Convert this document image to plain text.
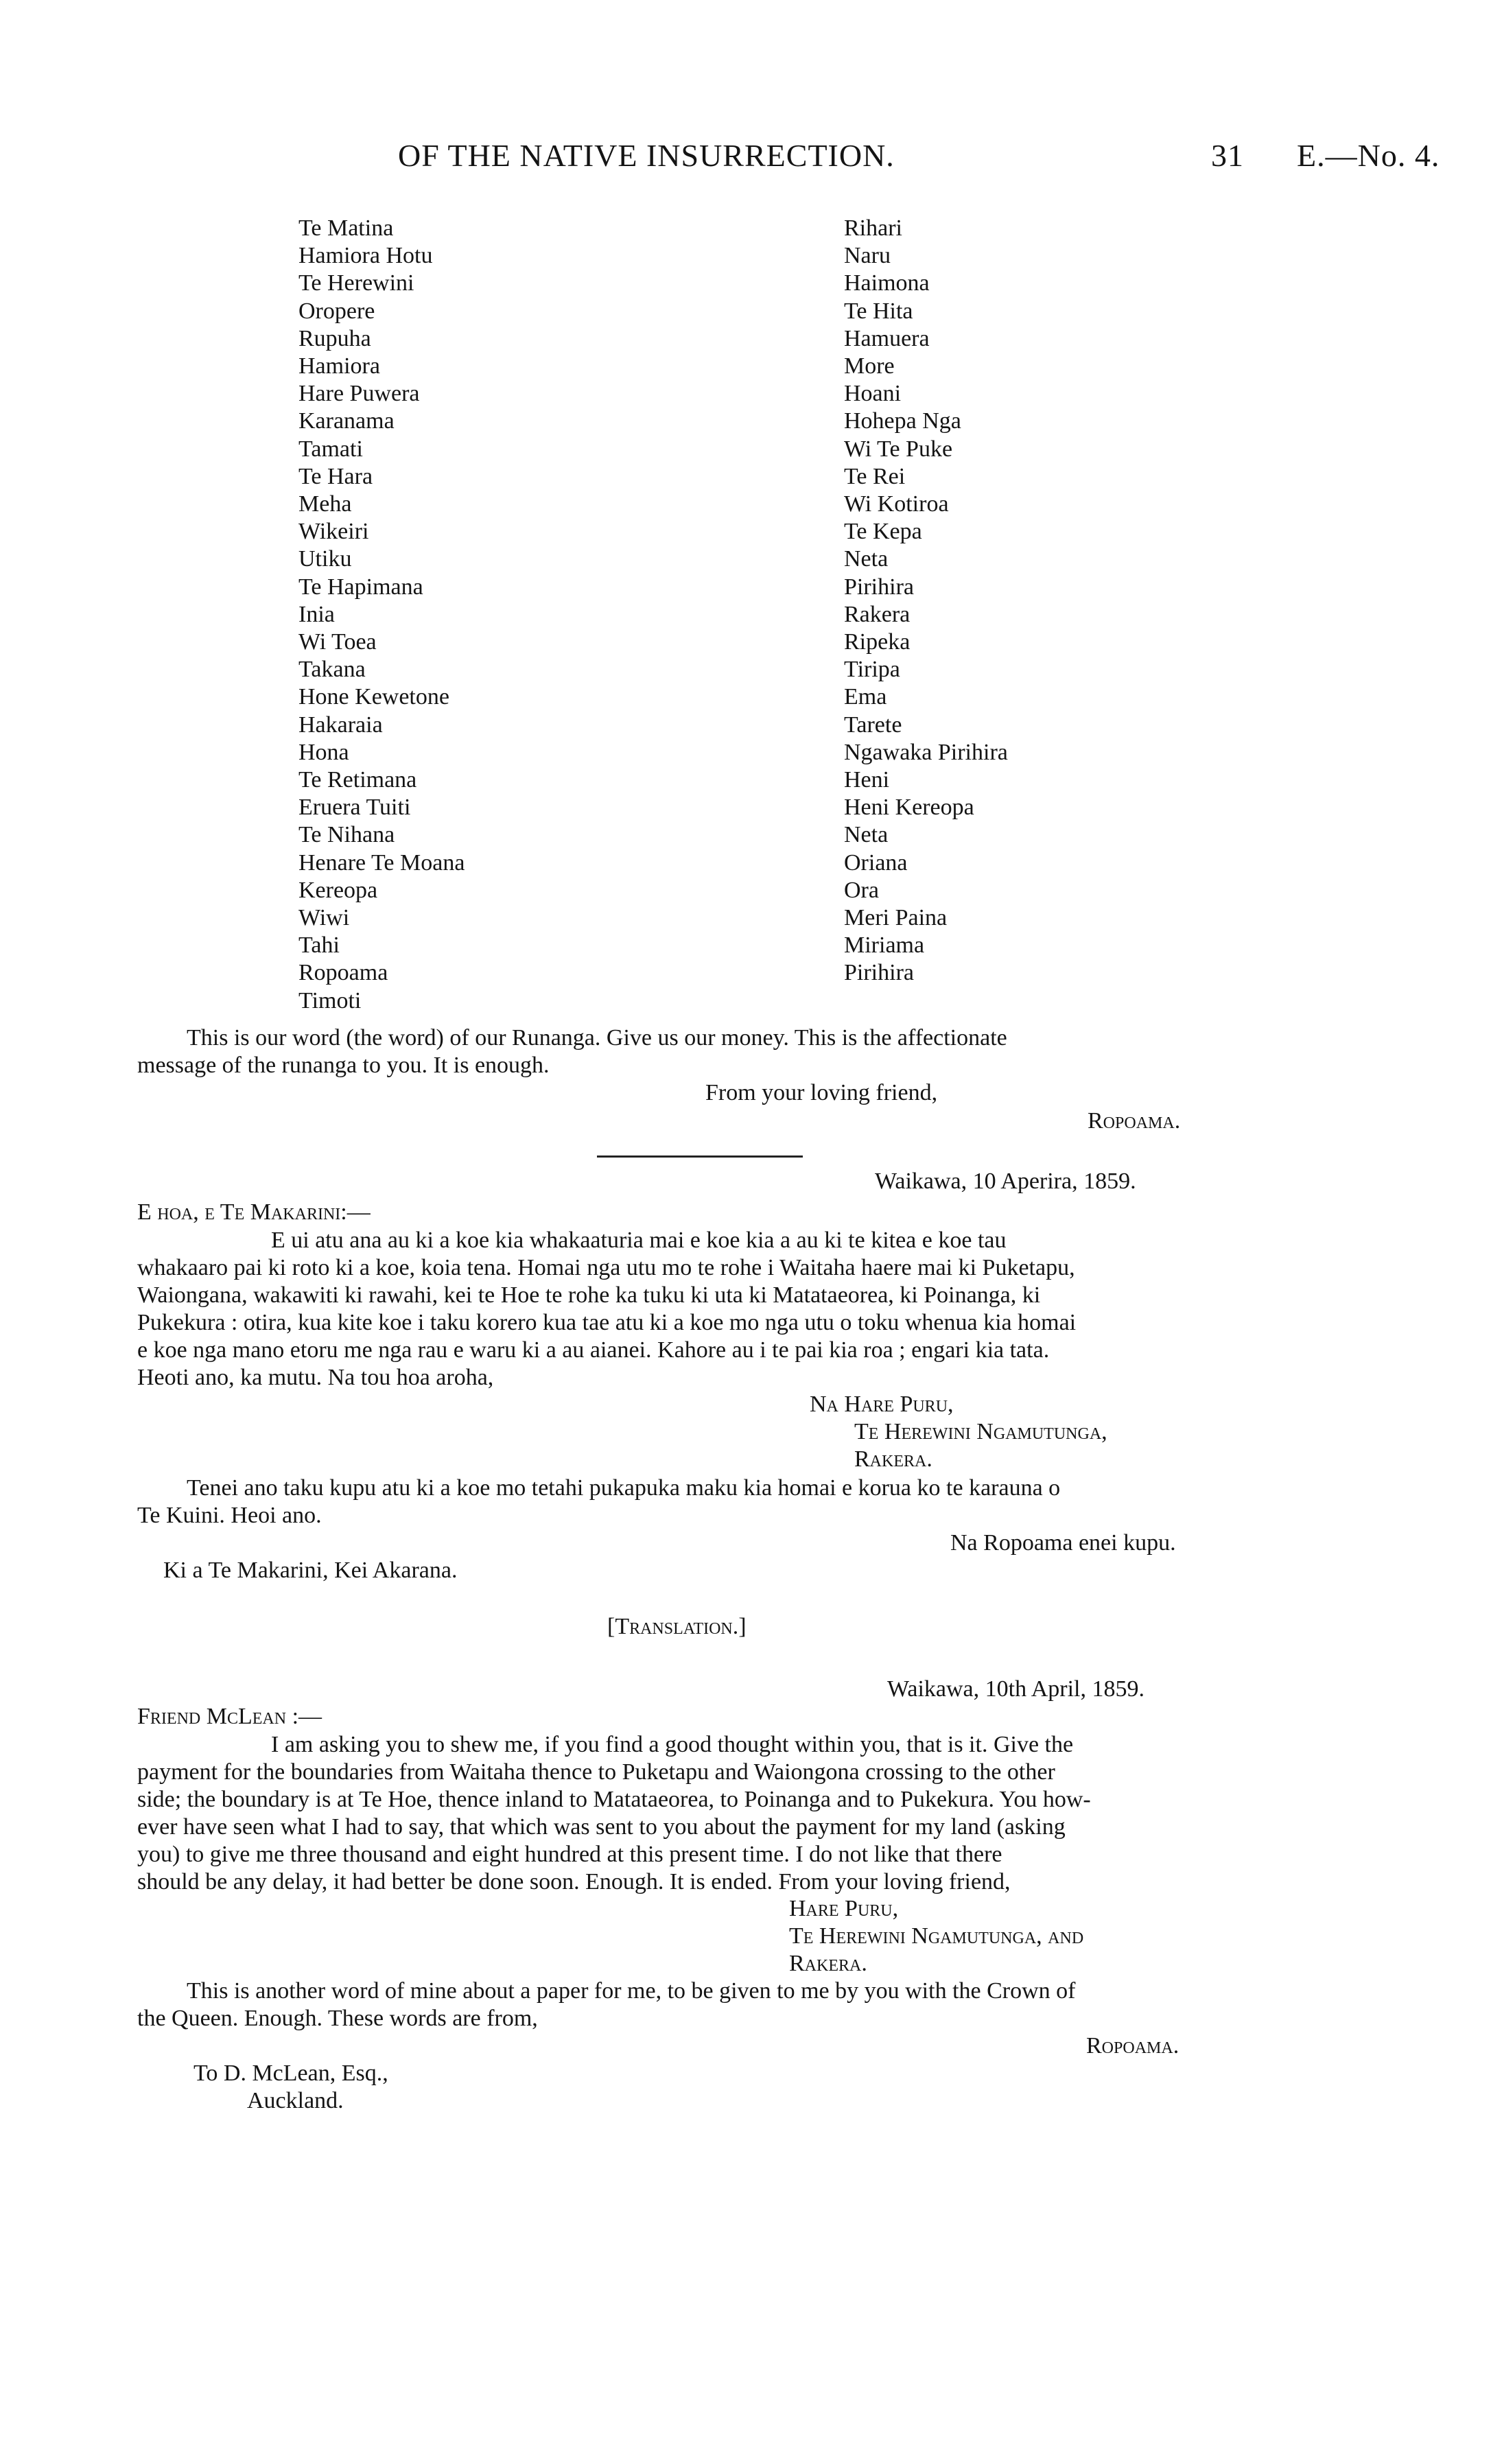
OF THE NATIVE INSURRECTION.	31 E.—No. 4.
Te Matina
Hamiora Hotu
Te Herewini
Oropere
Rupuha
Hamiora
Hare Puwera
Karanama
Tamati
Te Hara
Meha
Wikeiri
Utiku
Te Hapimana
Inia
Wi Toea
Takana
Hone Kewetone
Hakaraia
Hona
Te Retimana
Eruera Tuiti
Te Nihana
Henare Te Moana
Kereopa
Wiwi
Tahi
Ropoama
Timoti
Rihari
Naru
Haimona
Te Hita
Hamuera
More
Hoani
Hohepa Nga
Wi Te Puke
Te Rei
Wi Kotiroa
Te Kepa
Neta
Pirihira
Rakera
Ripeka
Tiripa
Ema
Tarete
Ngawaka Pirihira
Heni
Heni Kereopa
Neta
Oriana
Ora
Meri Paina
Miriama
Pirihira
This is our word (the word) of our Runanga. Give us our money. This is the affectionate
message of the runanga to you. It is enough.
From your loving friend,
Ropoama.
Waikawa, 10 Aperira, 1859.
E hoa, e Te Makarini:—
E ui atu ana au ki a koe kia whakaaturia mai e koe kia a au ki te kitea e koe tau
whakaaro pai ki roto ki a koe, koia tena. Homai nga utu mo te rohe i Waitaha haere mai ki Puketapu,
Waiongana, wakawiti ki rawahi, kei te Hoe te rohe ka tuku ki uta ki Matataeorea, ki Poinanga, ki
Pukekura : otira, kua kite koe i taku korero kua tae atu ki a koe mo nga utu o toku whenua kia homai
e koe nga mano etoru me nga rau e waru ki a au aianei. Kahore au i te pai kia roa ; engari kia tata.
Heoti ano, ka mutu. Na tou hoa aroha,
Na Hare Puru,
Te Herewini Ngamutunga,
Rakera.
Tenei ano taku kupu atu ki a koe mo tetahi pukapuka maku kia homai e korua ko te karauna o
Te Kuini. Heoi ano.
Na Ropoama enei kupu.
Ki a Te Makarini, Kei Akarana.
[Translation.]
Waikawa, 10th April, 1859.
Friend McLean :—
I am asking you to shew me, if you find a good thought within you, that is it. Give the
payment for the boundaries from Waitaha thence to Puketapu and Waiongona crossing to the other
side; the boundary is at Te Hoe, thence inland to Matataeorea, to Poinanga and to Pukekura. You how-
ever have seen what I had to say, that which was sent to you about the payment for my land (asking
you) to give me three thousand and eight hundred at this present time. I do not like that there
should be any delay, it had better be done soon. Enough. It is ended. From your loving friend,
Hare Puru,
Te Herewini Ngamutunga, and
Rakera.
This is another word of mine about a paper for me, to be given to me by you with the Crown of
the Queen. Enough. These words are from,
Ropoama.
To D. McLean, Esq.,
Auckland.
